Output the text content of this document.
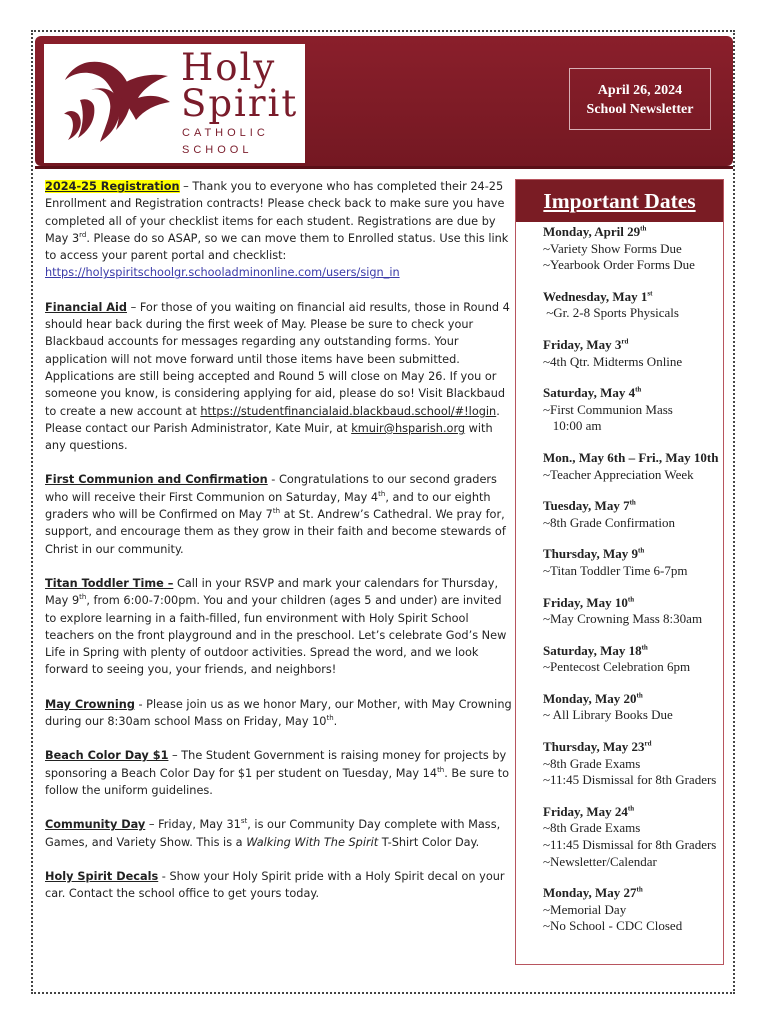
Holy
Spirit
CATHOLIC
SCHOOL
April 26, 2024
School Newsletter

2024-25 Registration – Thank you to everyone who has completed their 24-25 Enrollment and Registration contracts! Please check back to make sure you have completed all of your checklist items for each student. Registrations are due by May 3rd. Please do so ASAP, so we can move them to Enrolled status. Use this link to access your parent portal and checklist:
https://holyspiritschoolgr.schooladminonline.com/users/sign_in

Financial Aid – For those of you waiting on financial aid results, those in Round 4 should hear back during the first week of May. Please be sure to check your Blackbaud accounts for messages regarding any outstanding forms. Your application will not move forward until those items have been submitted. Applications are still being accepted and Round 5 will close on May 26. If you or someone you know, is considering applying for aid, please do so! Visit Blackbaud to create a new account at https://studentfinancialaid.blackbaud.school/#!login. Please contact our Parish Administrator, Kate Muir, at kmuir@hsparish.org with any questions.

First Communion and Confirmation - Congratulations to our second graders who will receive their First Communion on Saturday, May 4th, and to our eighth graders who will be Confirmed on May 7th at St. Andrew’s Cathedral. We pray for, support, and encourage them as they grow in their faith and become stewards of Christ in our community.

Titan Toddler Time – Call in your RSVP and mark your calendars for Thursday, May 9th, from 6:00-7:00pm. You and your children (ages 5 and under) are invited to explore learning in a faith-filled, fun environment with Holy Spirit School teachers on the front playground and in the preschool. Let’s celebrate God’s New Life in Spring with plenty of outdoor activities. Spread the word, and we look forward to seeing you, your friends, and neighbors!

May Crowning - Please join us as we honor Mary, our Mother, with May Crowning during our 8:30am school Mass on Friday, May 10th.

Beach Color Day $1 – The Student Government is raising money for projects by sponsoring a Beach Color Day for $1 per student on Tuesday, May 14th. Be sure to follow the uniform guidelines.

Community Day – Friday, May 31st, is our Community Day complete with Mass, Games, and Variety Show. This is a Walking With The Spirit T-Shirt Color Day.

Holy Spirit Decals - Show your Holy Spirit pride with a Holy Spirit decal on your car. Contact the school office to get yours today.

Important Dates
Monday, April 29th
~Variety Show Forms Due
~Yearbook Order Forms Due
Wednesday, May 1st
~Gr. 2-8 Sports Physicals
Friday, May 3rd
~4th Qtr. Midterms Online
Saturday, May 4th
~First Communion Mass
10:00 am
Mon., May 6th – Fri., May 10th
~Teacher Appreciation Week
Tuesday, May 7th
~8th Grade Confirmation
Thursday, May 9th
~Titan Toddler Time 6-7pm
Friday, May 10th
~May Crowning Mass 8:30am
Saturday, May 18th
~Pentecost Celebration 6pm
Monday, May 20th
~ All Library Books Due
Thursday, May 23rd
~8th Grade Exams
~11:45 Dismissal for 8th Graders
Friday, May 24th
~8th Grade Exams
~11:45 Dismissal for 8th Graders
~Newsletter/Calendar
Monday, May 27th
~Memorial Day
~No School - CDC Closed
